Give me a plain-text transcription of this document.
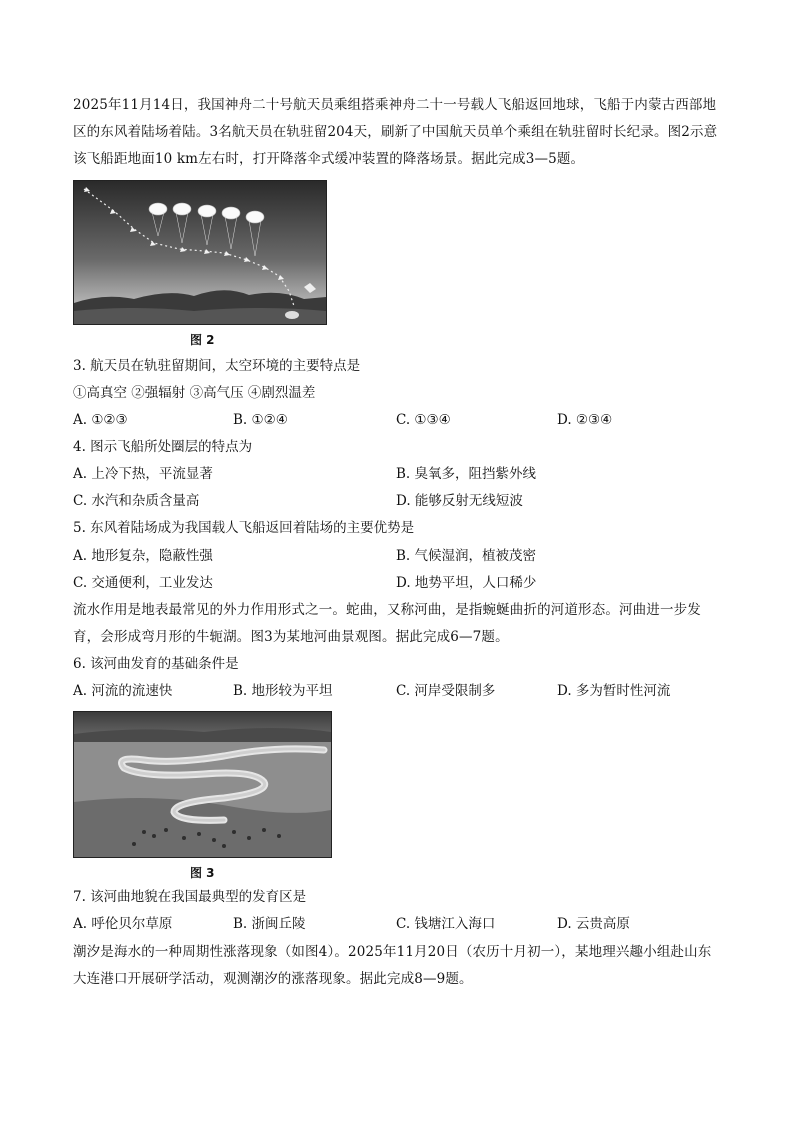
2025年11月14日，我国神舟二十号航天员乘组搭乘神舟二十一号载人飞船返回地球，飞船于内蒙古西部地区的东风着陆场着陆。3名航天员在轨驻留204天，刷新了中国航天员单个乘组在轨驻留时长纪录。图2示意该飞船距地面10 km左右时，打开降落伞式缓冲装置的降落场景。据此完成3—5题。
图 2
3. 航天员在轨驻留期间，太空环境的主要特点是
①高真空 ②强辐射 ③高气压 ④剧烈温差
A. ①②③	B. ①②④	C. ①③④	D. ②③④
4. 图示飞船所处圈层的特点为
A. 上冷下热，平流显著	B. 臭氧多，阻挡紫外线
C. 水汽和杂质含量高	D. 能够反射无线短波
5. 东风着陆场成为我国载人飞船返回着陆场的主要优势是
A. 地形复杂，隐蔽性强	B. 气候湿润，植被茂密
C. 交通便利，工业发达	D. 地势平坦，人口稀少
流水作用是地表最常见的外力作用形式之一。蛇曲，又称河曲，是指蜿蜒曲折的河道形态。河曲进一步发育，会形成弯月形的牛轭湖。图3为某地河曲景观图。据此完成6—7题。
6. 该河曲发育的基础条件是
A. 河流的流速快	B. 地形较为平坦	C. 河岸受限制多	D. 多为暂时性河流
图 3
7. 该河曲地貌在我国最典型的发育区是
A. 呼伦贝尔草原	B. 浙闽丘陵	C. 钱塘江入海口	D. 云贵高原
潮汐是海水的一种周期性涨落现象（如图4）。2025年11月20日（农历十月初一），某地理兴趣小组赴山东大连港口开展研学活动，观测潮汐的涨落现象。据此完成8—9题。
